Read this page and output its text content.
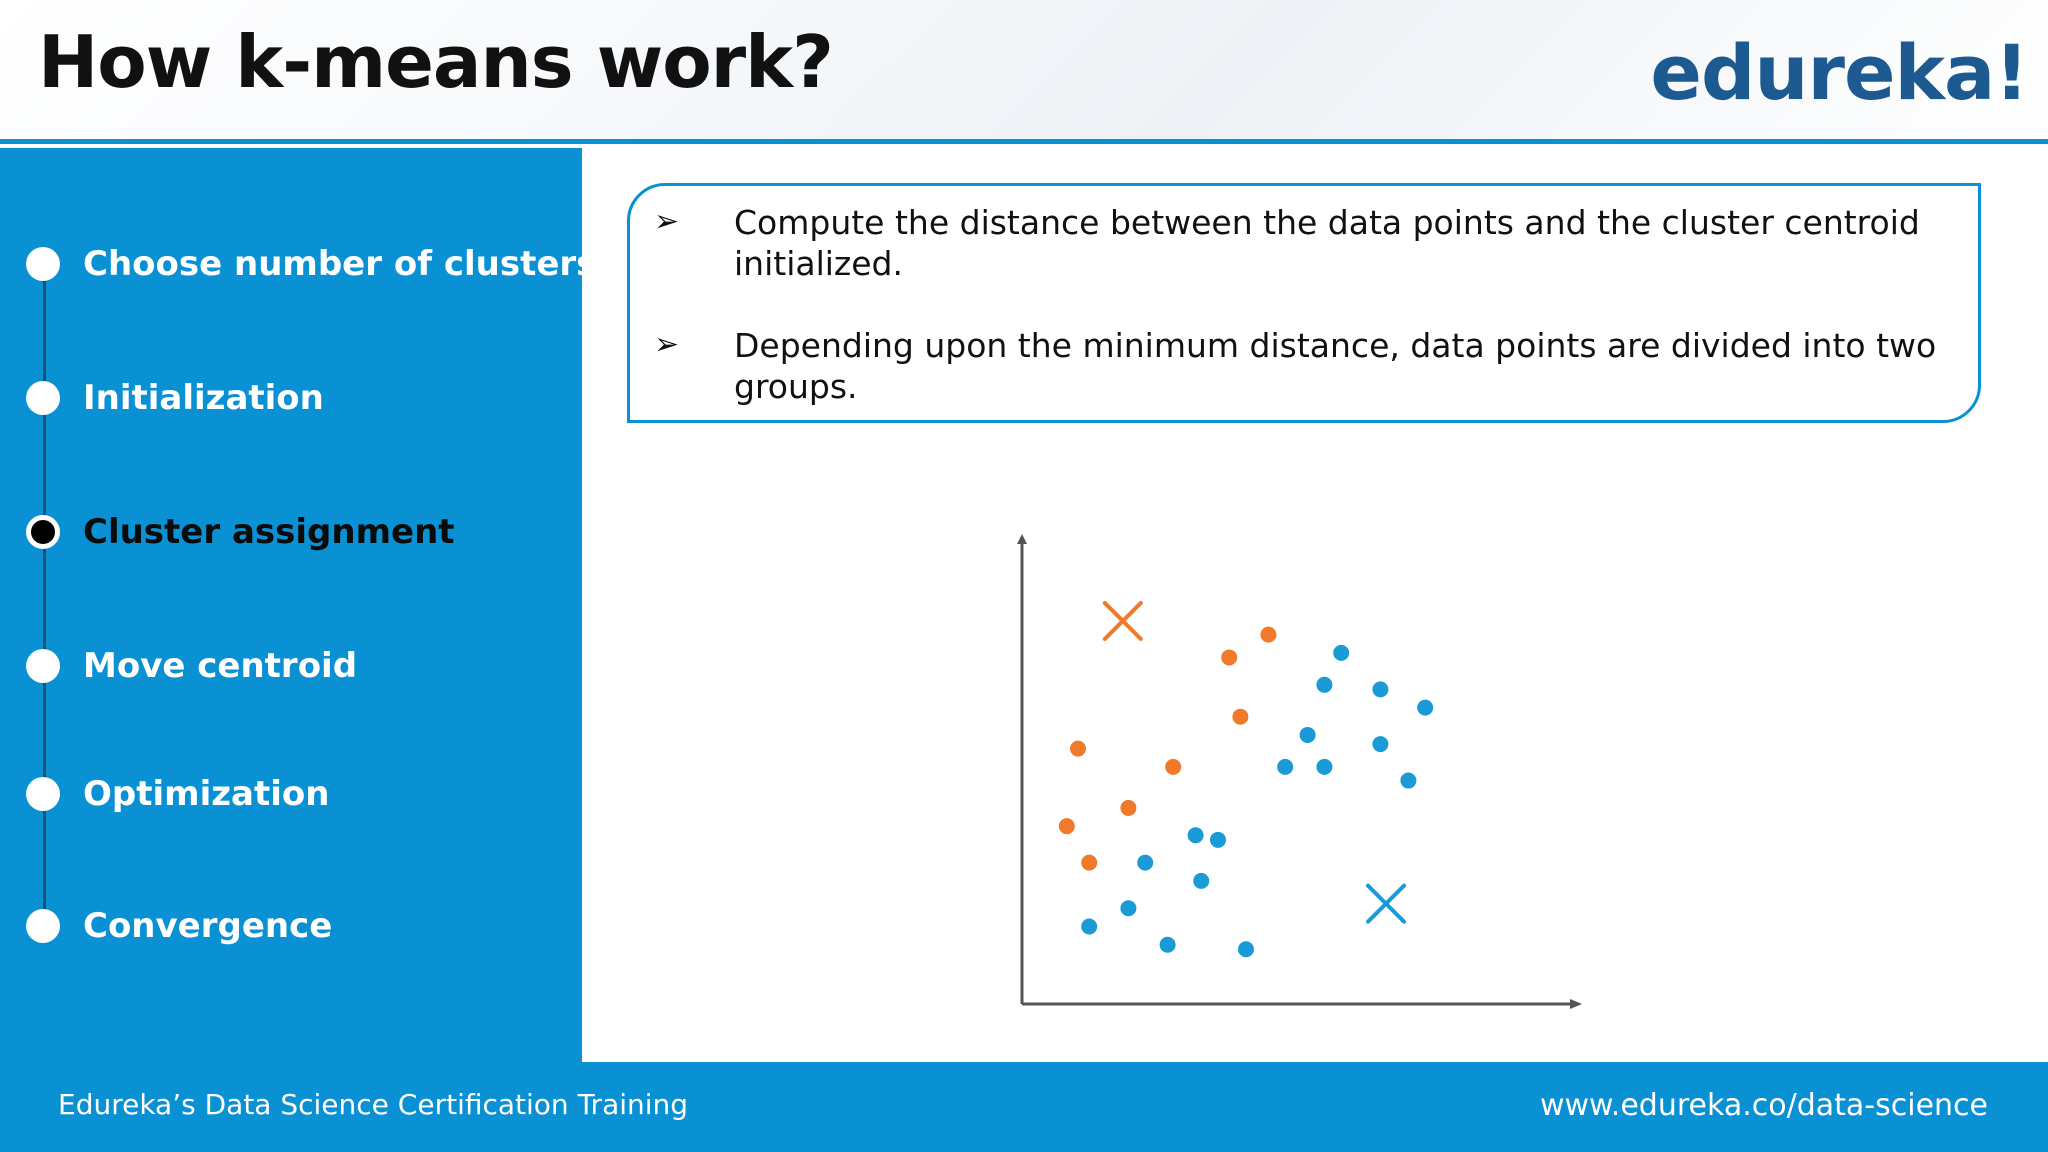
How k-means work?	edureka!
Choose number of clusters
Initialization
Cluster assignment
Move centroid
Optimization
Convergence
➢	Compute the distance between the data points and the cluster centroid initialized.
➢	Depending upon the minimum distance, data points are divided into two groups.
Edureka’s Data Science Certification Training	www.edureka.co/data-science
